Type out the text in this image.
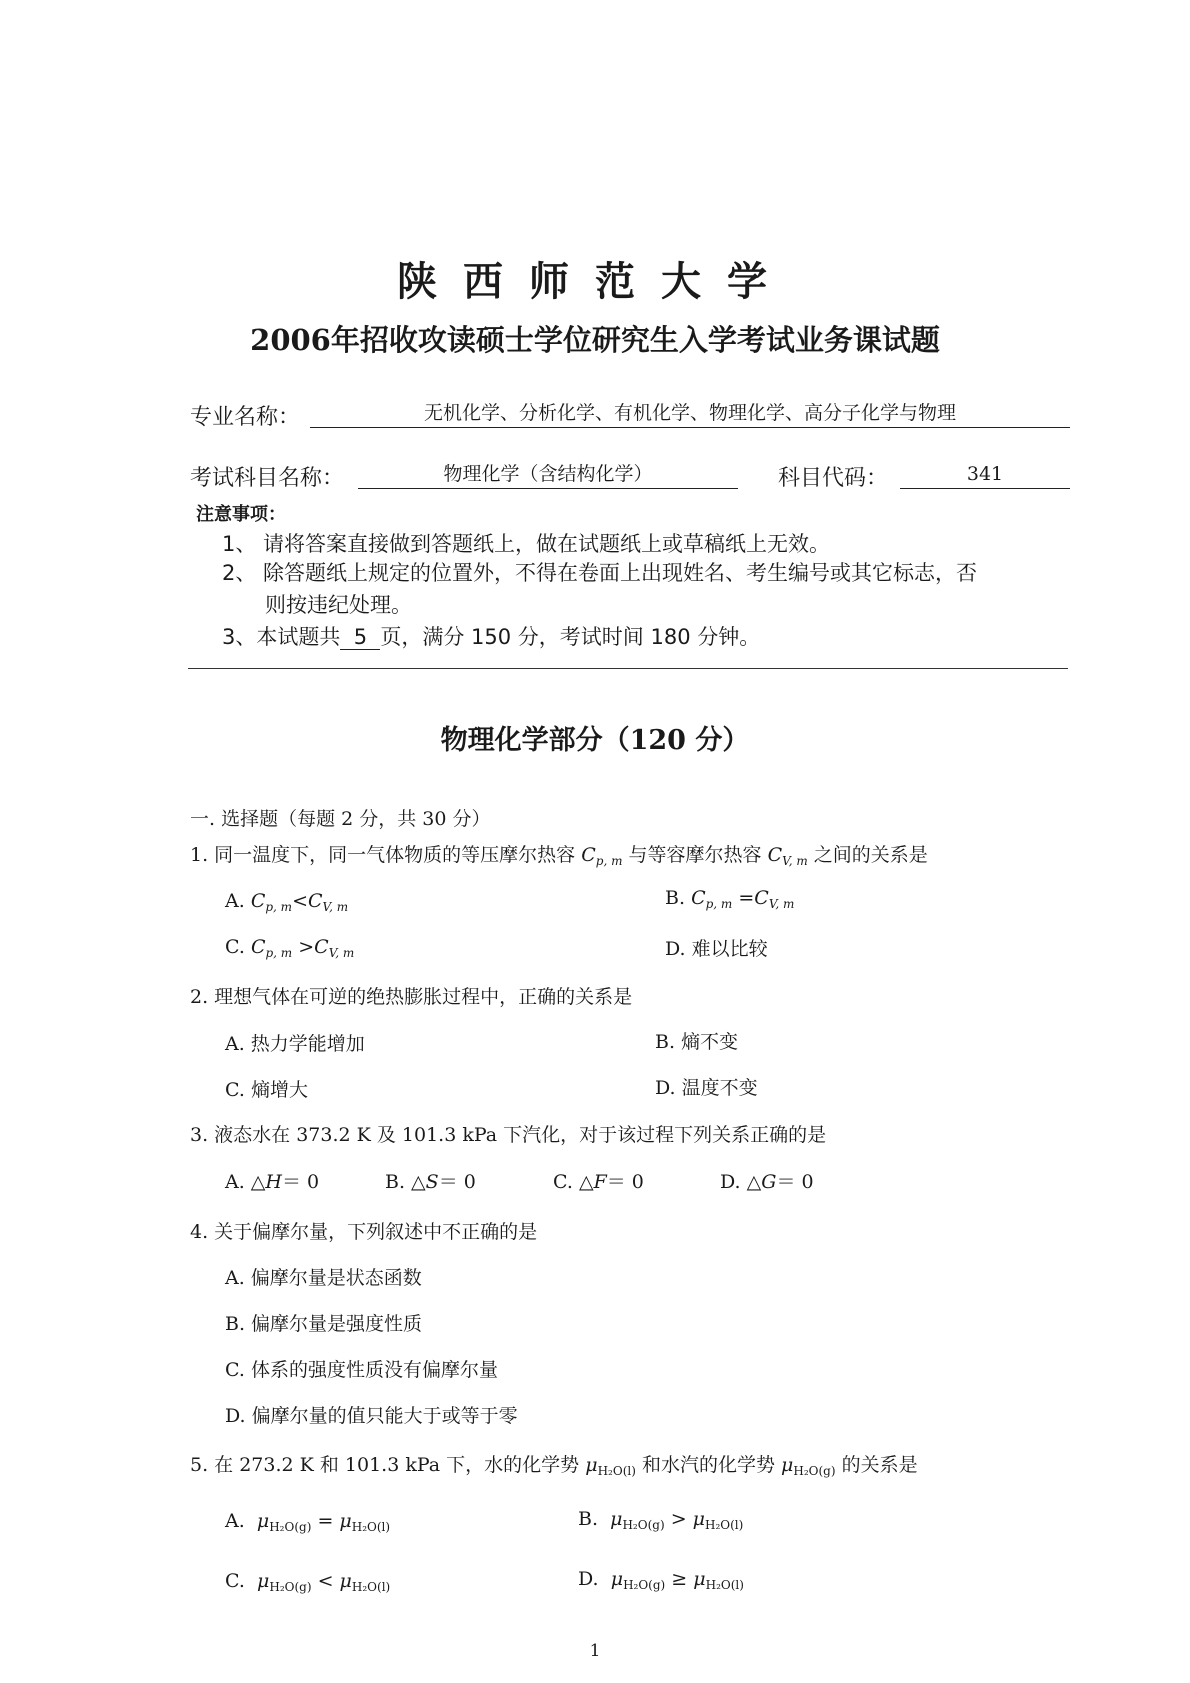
陕西师范大学
2006年招收攻读硕士学位研究生入学考试业务课试题
专业名称：	无机化学、分析化学、有机化学、物理化学、高分子化学与物理
考试科目名称：	物理化学（含结构化学）	科目代码：	341
注意事项：
1、 请将答案直接做到答题纸上，做在试题纸上或草稿纸上无效。
2、 除答题纸上规定的位置外，不得在卷面上出现姓名、考生编号或其它标志，否
则按违纪处理。
3、本试题共 5 页，满分 150 分，考试时间 180 分钟。
物理化学部分（120 分）
一. 选择题（每题 2 分，共 30 分）
1. 同一温度下，同一气体物质的等压摩尔热容 $C_{p, m}$ 与等容摩尔热容 $C_{V, m}$ 之间的关系是
A. $C_{p, m}<C_{V, m}$	B. $C_{p, m} =C_{V, m}$
C. $C_{p, m} >C_{V, m}$	D. 难以比较
2. 理想气体在可逆的绝热膨胀过程中，正确的关系是
A. 热力学能增加	B. 熵不变
C. 熵增大	D. 温度不变
3. 液态水在 373.2 K 及 101.3 kPa 下汽化，对于该过程下列关系正确的是
A. △H＝ 0	B. △S＝ 0	C. △F＝ 0	D. △G＝ 0
4. 关于偏摩尔量，下列叙述中不正确的是
A. 偏摩尔量是状态函数
B. 偏摩尔量是强度性质
C. 体系的强度性质没有偏摩尔量
D. 偏摩尔量的值只能大于或等于零
5. 在 273.2 K 和 101.3 kPa 下，水的化学势 $\mu_{H_2O(l)}$ 和水汽的化学势 $\mu_{H_2O(g)}$ 的关系是
A. $\mu_{H_2O(g)} = \mu_{H_2O(l)}$	B. $\mu_{H_2O(g)} > \mu_{H_2O(l)}$
C. $\mu_{H_2O(g)} < \mu_{H_2O(l)}$	D. $\mu_{H_2O(g)} \ge \mu_{H_2O(l)}$
1
